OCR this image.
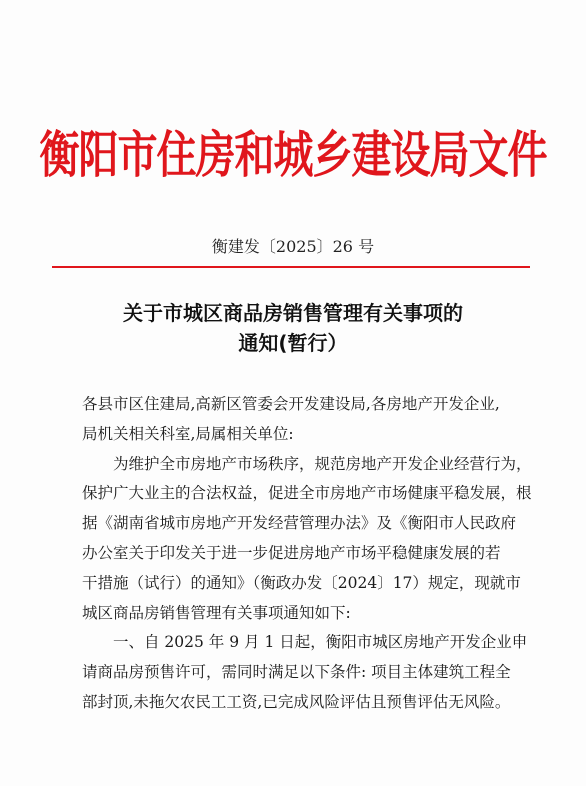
衡阳市住房和城乡建设局文件
衡建发〔2025〕26 号
关于市城区商品房销售管理有关事项的
通知(暂行）

各县市区住建局,高新区管委会开发建设局,各房地产开发企业,
局机关相关科室,局属相关单位:

为维护全市房地产市场秩序，规范房地产开发企业经营行为，
保护广大业主的合法权益，促进全市房地产市场健康平稳发展，根
据《湖南省城市房地产开发经营管理办法》及《衡阳市人民政府
办公室关于印发关于进一步促进房地产市场平稳健康发展的若
干措施（试行）的通知》（衡政办发〔2024〕17）规定，现就市
城区商品房销售管理有关事项通知如下:

一、自 2025 年 9 月 1 日起，衡阳市城区房地产开发企业申
请商品房预售许可，需同时满足以下条件: 项目主体建筑工程全
部封顶,未拖欠农民工工资,已完成风险评估且预售评估无风险。
